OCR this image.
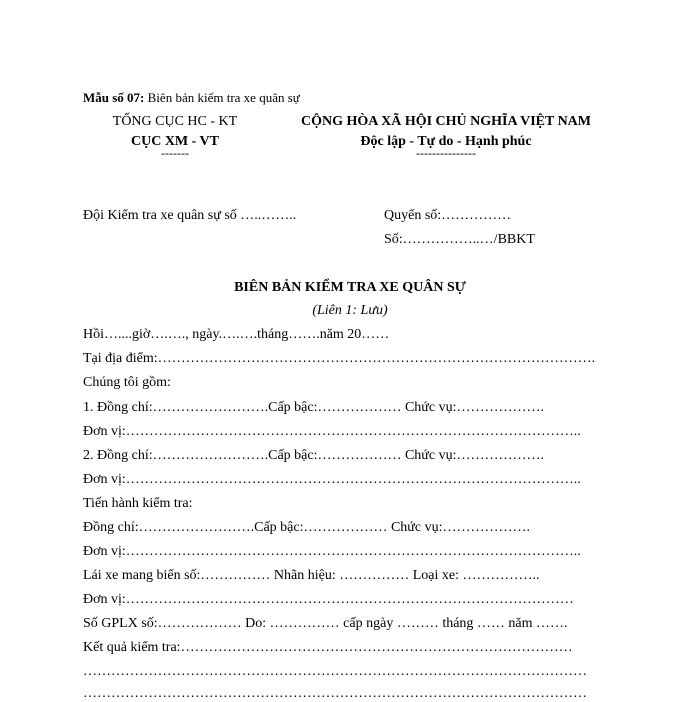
Mẫu số 07: Biên bản kiểm tra xe quân sự
TỔNG CỤC HC - KT
CỤC XM - VT
-------
CỘNG HÒA XÃ HỘI CHỦ NGHĨA VIỆT NAM
Độc lập - Tự do - Hạnh phúc
---------------
Đội Kiểm tra xe quân sự số …..……..	Quyển số:……………
Số:……………..…/BBKT
BIÊN BẢN KIỂM TRA XE QUÂN SỰ
(Liên 1: Lưu)
Hồi…....giờ….…., ngày.….….tháng…….năm 20……
Tại địa điểm:………………………………………………………………………………….
Chúng tôi gồm:
1. Đồng chí:…………………….Cấp bậc:……………… Chức vụ:……………….
Đơn vị:……………………………………………………………………………………..
2. Đồng chí:…………………….Cấp bậc:……………… Chức vụ:……………….
Đơn vị:……………………………………………………………………………………..
Tiến hành kiểm tra:
Đồng chí:…………………….Cấp bậc:……………… Chức vụ:……………….
Đơn vị:……………………………………………………………………………………..
Lái xe mang biển số:…………… Nhãn hiệu: …………… Loại xe: ……………..
Đơn vị:……………………………………………………………………………………
Số GPLX số:……………… Do: …………… cấp ngày ……… tháng …… năm …….
Kết quả kiểm tra:…………………………………………………………………………
………………………………………………………………………………………………
………………………………………………………………………………………………
